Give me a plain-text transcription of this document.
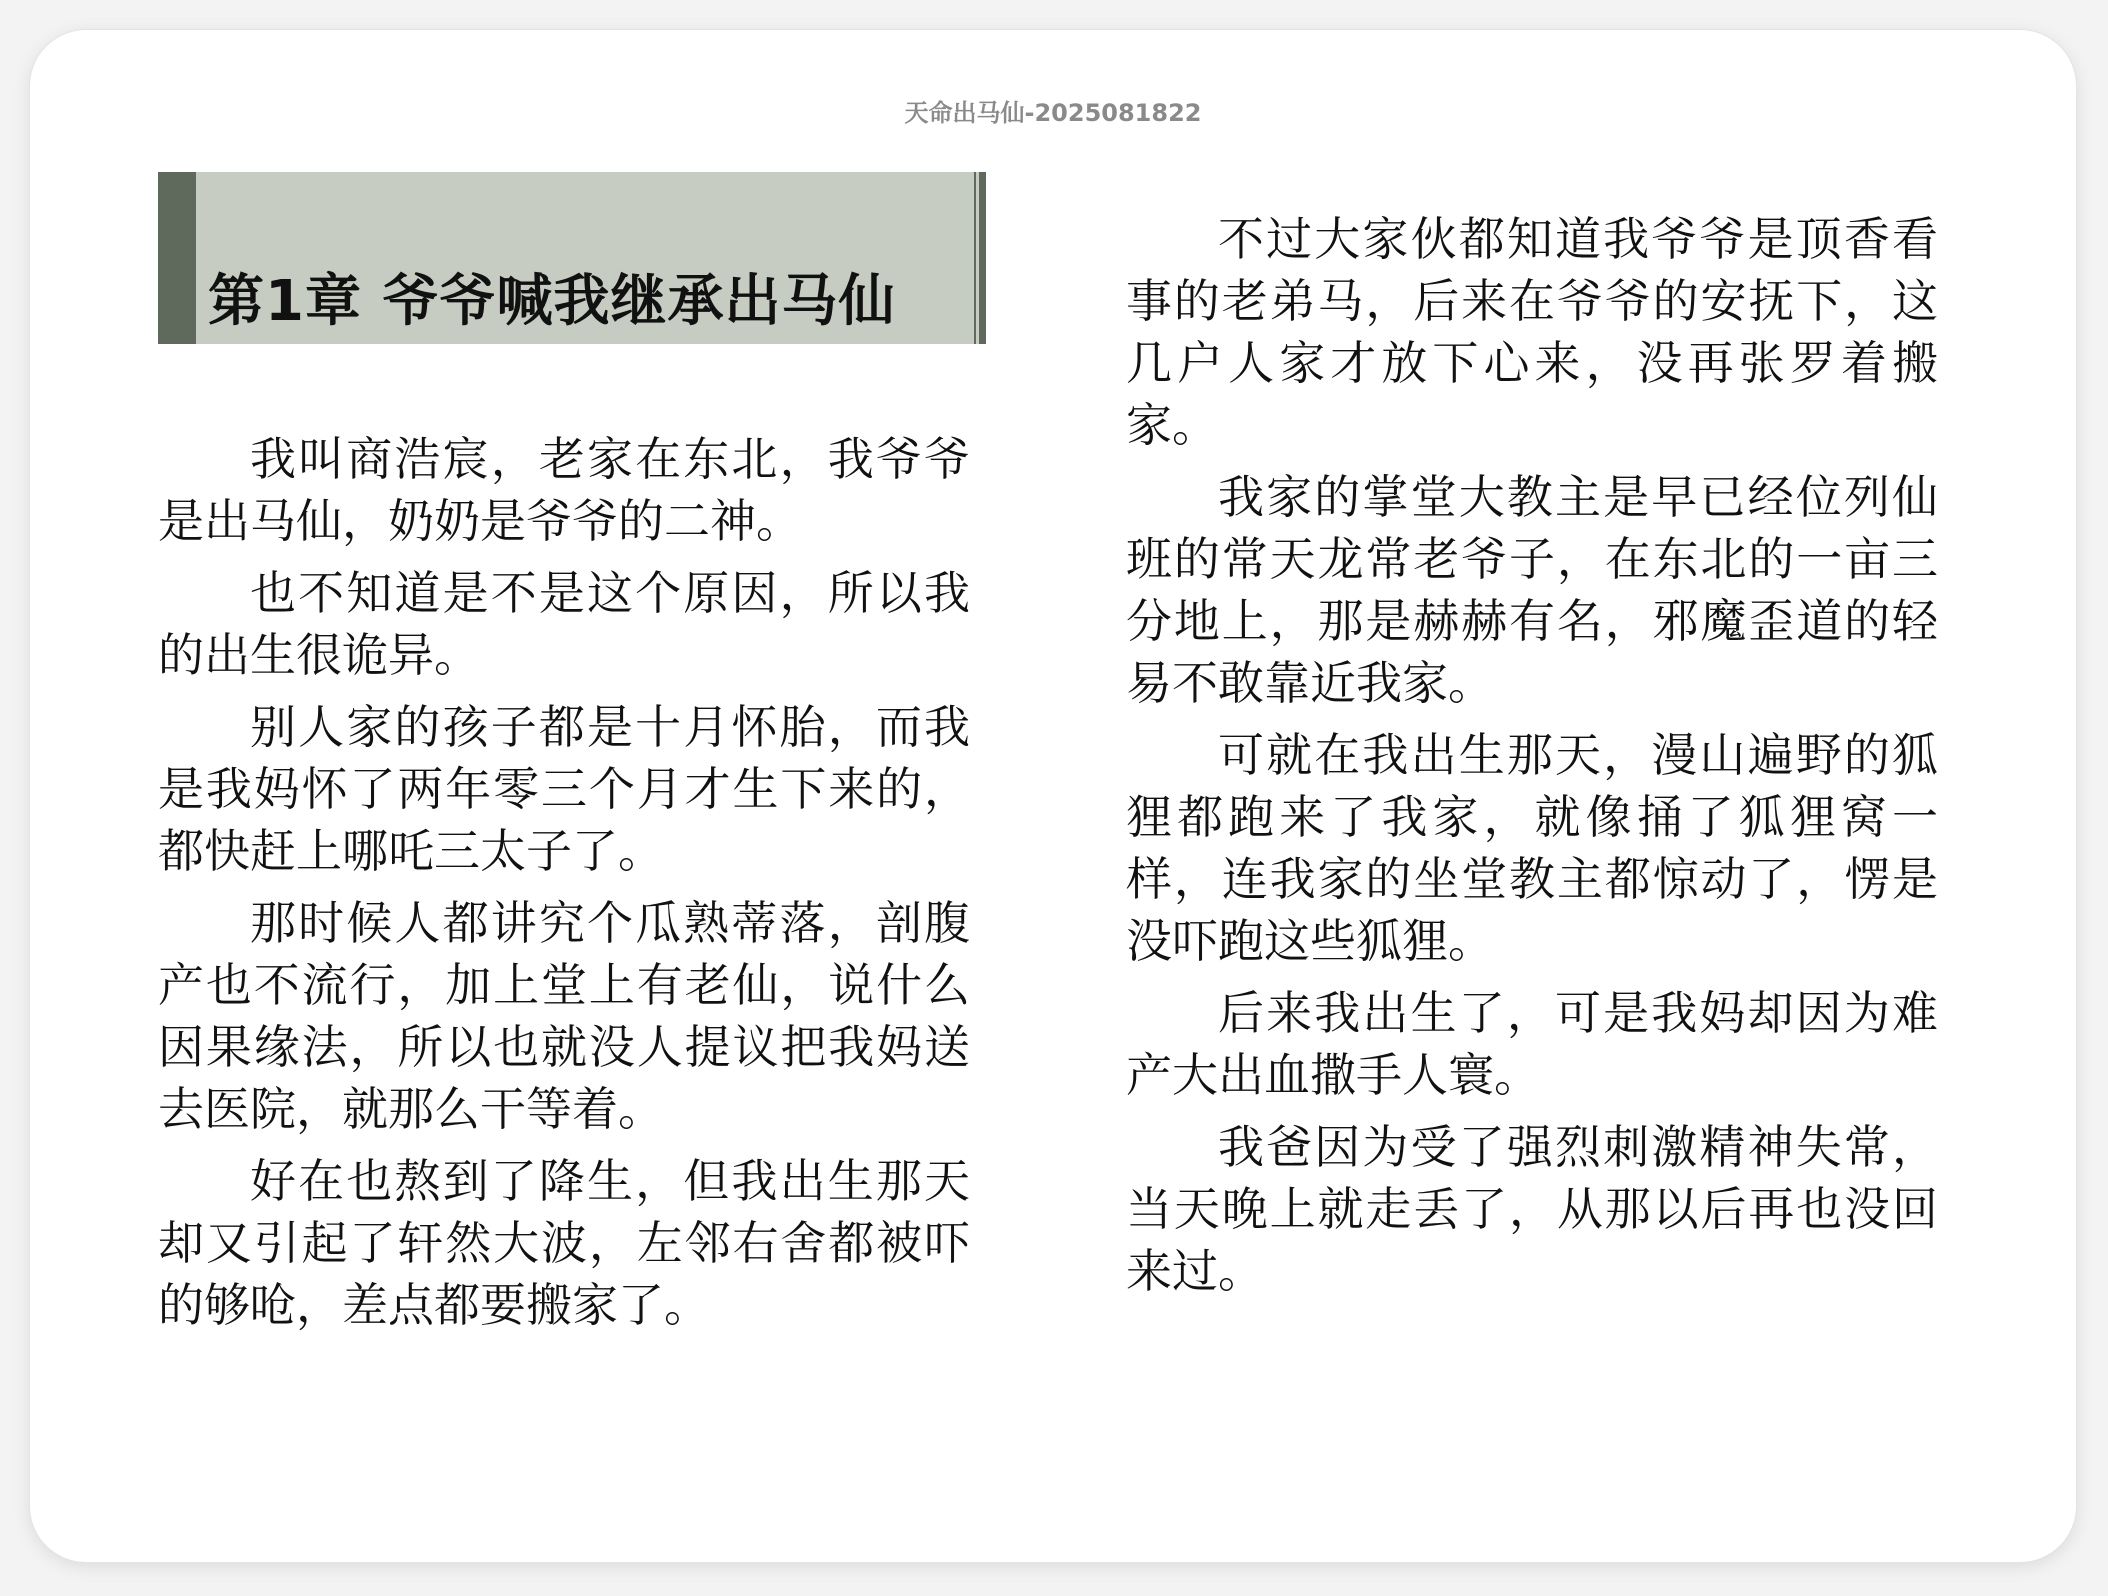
天命出马仙-2025081822
第1章 爷爷喊我继承出马仙

我叫商浩宸，老家在东北，我爷爷是出马仙，奶奶是爷爷的二神。

也不知道是不是这个原因，所以我的出生很诡异。

别人家的孩子都是十月怀胎，而我是我妈怀了两年零三个月才生下来的，都快赶上哪吒三太子了。

那时候人都讲究个瓜熟蒂落，剖腹产也不流行，加上堂上有老仙，说什么因果缘法，所以也就没人提议把我妈送去医院，就那么干等着。

好在也熬到了降生，但我出生那天却又引起了轩然大波，左邻右舍都被吓的够呛，差点都要搬家了。

不过大家伙都知道我爷爷是顶香看事的老弟马，后来在爷爷的安抚下，这几户人家才放下心来，没再张罗着搬家。

我家的掌堂大教主是早已经位列仙班的常天龙常老爷子，在东北的一亩三分地上，那是赫赫有名，邪魔歪道的轻易不敢靠近我家。

可就在我出生那天，漫山遍野的狐狸都跑来了我家，就像捅了狐狸窝一样，连我家的坐堂教主都惊动了，愣是没吓跑这些狐狸。

后来我出生了，可是我妈却因为难产大出血撒手人寰。

我爸因为受了强烈刺激精神失常，当天晚上就走丢了，从那以后再也没回来过。
